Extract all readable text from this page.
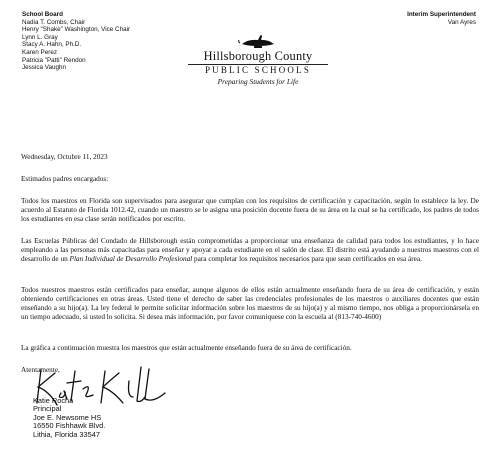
School Board
Nadia T. Combs, Chair
Henry "Shake" Washington, Vice Chair
Lynn L. Gray
Stacy A. Hahn, Ph.D.
Karen Perez
Patricia "Patti" Rendon
Jessica Vaughn
Interim Superintendent
Van Ayres
Hillsborough County
PUBLIC SCHOOLS
Preparing Students for Life
Wednesday, Octubre 11, 2023
Estimados padres encargados:
Todos los maestros en Florida son supervisados para asegurar que cumplan con los requisitos de certificación y capacitación, según lo establece la ley. De acuerdo al Estatuto de Florida 1012.42, cuando un maestro se le asigna una posición docente fuera de su área en la cual se ha certificado, los padres de todos los estudiantes en esa clase serán notificados por escrito.
Las Escuelas Públicas del Condado de Hillsborough están comprometidas a proporcionar una enseñanza de calidad para todos los estudiantes, y lo hace empleando a las personas más capacitadas para enseñar y apoyar a cada estudiante en el salón de clase. El distrito está ayudando a nuestros maestros con el desarrollo de un Plan Individual de Desarrollo Profesional para completar los requisitos necesarios para que sean certificados en esa área.
Todos nuestros maestros están certificados para enseñar, aunque algunos de ellos están actualmente enseñando fuera de su área de certificación, y están obteniendo certificaciones en otras áreas. Usted tiene el derecho de saber las credenciales profesionales de los maestros o auxiliares docentes que están enseñando a su hijo(a). La ley federal le permite solicitar información sobre los maestros de su hijo(a) y al mismo tiempo, nos obliga a proporcionársela en un tiempo adecuado, si usted lo solicita. Si desea más información, por favor comuníquese con la escuela al (813-740-4600)
La gráfica a continuación muestra los maestros que están actualmente enseñando fuera de su área de certificación.
Atentamente,
Katie Rocha
Principal
Joe E. Newsome HS
16550 Fishhawk Blvd.
Lithia, Florida 33547
